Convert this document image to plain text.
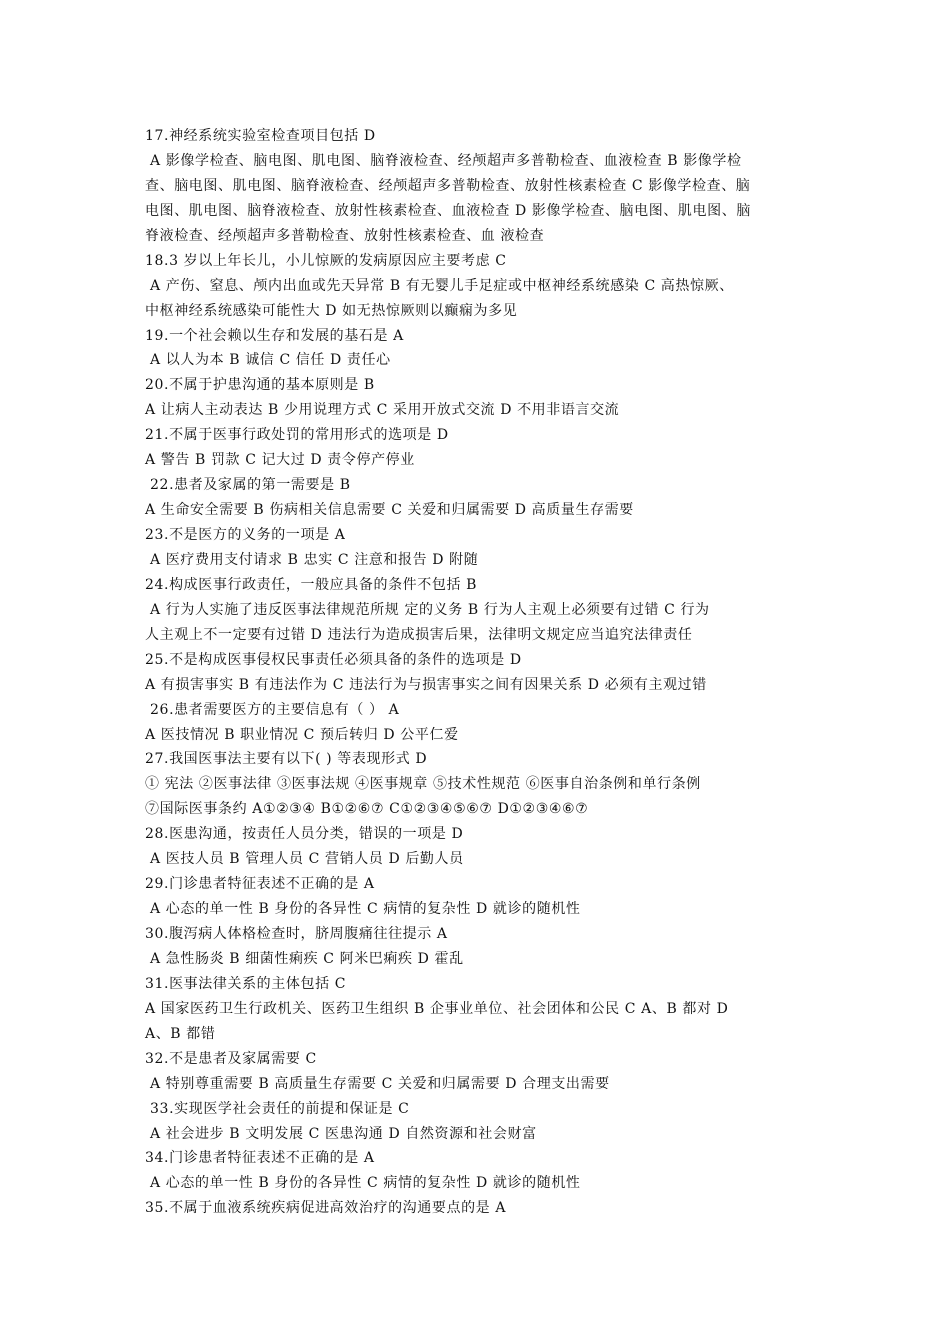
17.神经系统实验室检查项目包括 D
A 影像学检查、脑电图、肌电图、脑脊液检查、经颅超声多普勒检查、血液检查 B 影像学检
查、脑电图、肌电图、脑脊液检查、经颅超声多普勒检查、放射性核素检查 C 影像学检查、脑
电图、肌电图、脑脊液检查、放射性核素检查、血液检查 D 影像学检查、脑电图、肌电图、脑
脊液检查、经颅超声多普勒检查、放射性核素检查、血 液检查
18.3 岁以上年长儿，小儿惊厥的发病原因应主要考虑 C
A 产伤、窒息、颅内出血或先天异常 B 有无婴儿手足症或中枢神经系统感染 C 高热惊厥、
中枢神经系统感染可能性大 D 如无热惊厥则以癫痫为多见
19.一个社会赖以生存和发展的基石是 A
A 以人为本 B 诚信 C 信任 D 责任心
20.不属于护患沟通的基本原则是 B
A 让病人主动表达 B 少用说理方式 C 采用开放式交流 D 不用非语言交流
21.不属于医事行政处罚的常用形式的选项是 D
A 警告 B 罚款 C 记大过 D 责令停产停业
22.患者及家属的第一需要是 B
A 生命安全需要 B 伤病相关信息需要 C 关爱和归属需要 D 高质量生存需要
23.不是医方的义务的一项是 A
A 医疗费用支付请求 B 忠实 C 注意和报告 D 附随
24.构成医事行政责任，一般应具备的条件不包括 B
A 行为人实施了违反医事法律规范所规 定的义务 B 行为人主观上必须要有过错 C 行为
人主观上不一定要有过错 D 违法行为造成损害后果，法律明文规定应当追究法律责任
25.不是构成医事侵权民事责任必须具备的条件的选项是 D
A 有损害事实 B 有违法作为 C 违法行为与损害事实之间有因果关系 D 必须有主观过错
26.患者需要医方的主要信息有（ ） A
A 医技情况 B 职业情况 C 预后转归 D 公平仁爱
27.我国医事法主要有以下( ) 等表现形式 D
① 宪法 ②医事法律 ③医事法规 ④医事规章 ⑤技术性规范 ⑥医事自治条例和单行条例
⑦国际医事条约 A①②③④ B①②⑥⑦ C①②③④⑤⑥⑦ D①②③④⑥⑦
28.医患沟通，按责任人员分类，错误的一项是 D
A 医技人员 B 管理人员 C 营销人员 D 后勤人员
29.门诊患者特征表述不正确的是 A
A 心态的单一性 B 身份的各异性 C 病情的复杂性 D 就诊的随机性
30.腹泻病人体格检查时，脐周腹痛往往提示 A
A 急性肠炎 B 细菌性痢疾 C 阿米巴痢疾 D 霍乱
31.医事法律关系的主体包括 C
A 国家医药卫生行政机关、医药卫生组织 B 企事业单位、社会团体和公民 C A、B 都对 D
A、B 都错
32.不是患者及家属需要 C
A 特别尊重需要 B 高质量生存需要 C 关爱和归属需要 D 合理支出需要
33.实现医学社会责任的前提和保证是 C
A 社会进步 B 文明发展 C 医患沟通 D 自然资源和社会财富
34.门诊患者特征表述不正确的是 A
A 心态的单一性 B 身份的各异性 C 病情的复杂性 D 就诊的随机性
35.不属于血液系统疾病促进高效治疗的沟通要点的是 A
